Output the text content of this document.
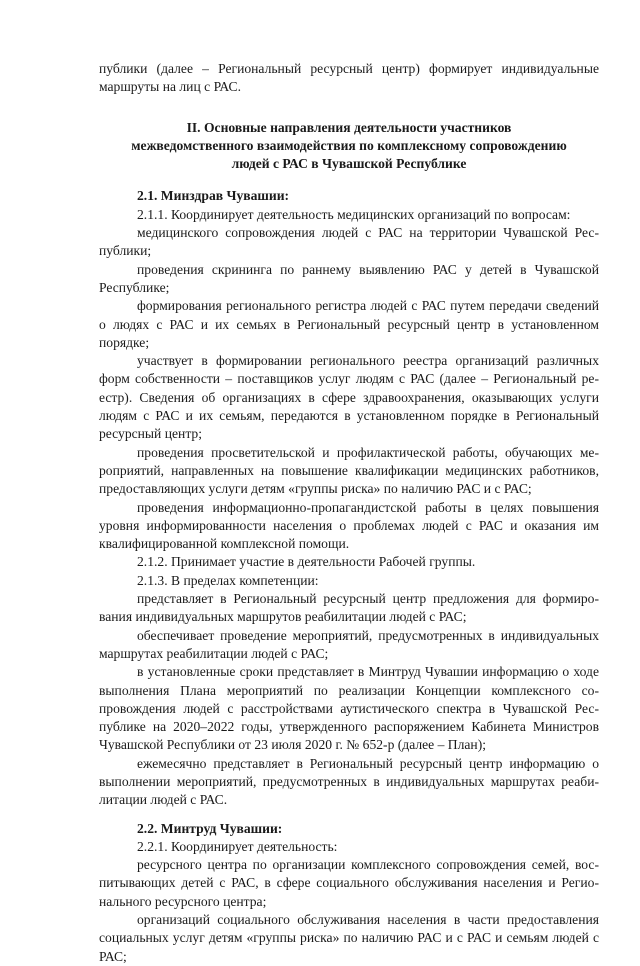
публики (далее – Региональный ресурсный центр) формирует индивидуальные маршруты на лиц с РАС.

II. Основные направления деятельности участников
межведомственного взаимодействия по комплексному сопровождению
людей с РАС в Чувашской Республике

2.1. Минздрав Чувашии:

2.1.1. Координирует деятельность медицинских организаций по вопросам:

медицинского сопровождения людей с РАС на территории Чувашской Республики;

проведения скрининга по раннему выявлению РАС у детей в Чувашской Республике;

формирования регионального регистра людей с РАС путем передачи сведений о людях с РАС и их семьях в Региональный ресурсный центр в установленном порядке;

участвует в формировании регионального реестра организаций различных форм собственности – поставщиков услуг людям с РАС (далее – Региональный реестр). Сведения об организациях в сфере здравоохранения, оказывающих услуги людям с РАС и их семьям, передаются в установленном порядке в Региональный ресурсный центр;

проведения просветительской и профилактической работы, обучающих мероприятий, направленных на повышение квалификации медицинских работников, предоставляющих услуги детям «группы риска» по наличию РАС и с РАС;

проведения информационно-пропагандистской работы в целях повышения уровня информированности населения о проблемах людей с РАС и оказания им квалифицированной комплексной помощи.

2.1.2. Принимает участие в деятельности Рабочей группы.

2.1.3. В пределах компетенции:

представляет в Региональный ресурсный центр предложения для формирования индивидуальных маршрутов реабилитации людей с РАС;

обеспечивает проведение мероприятий, предусмотренных в индивидуальных маршрутах реабилитации людей с РАС;

в установленные сроки представляет в Минтруд Чувашии информацию о ходе выполнения Плана мероприятий по реализации Концепции комплексного сопровождения людей с расстройствами аутистического спектра в Чувашской Республике на 2020–2022 годы, утвержденного распоряжением Кабинета Министров Чувашской Республики от 23 июля 2020 г. № 652-р (далее – План);

ежемесячно представляет в Региональный ресурсный центр информацию о выполнении мероприятий, предусмотренных в индивидуальных маршрутах реабилитации людей с РАС.

2.2. Минтруд Чувашии:

2.2.1. Координирует деятельность:

ресурсного центра по организации комплексного сопровождения семей, воспитывающих детей с РАС, в сфере социального обслуживания населения и Регионального ресурсного центра;

организаций социального обслуживания населения в части предоставления социальных услуг детям «группы риска» по наличию РАС и с РАС и семьям людей с РАС;
